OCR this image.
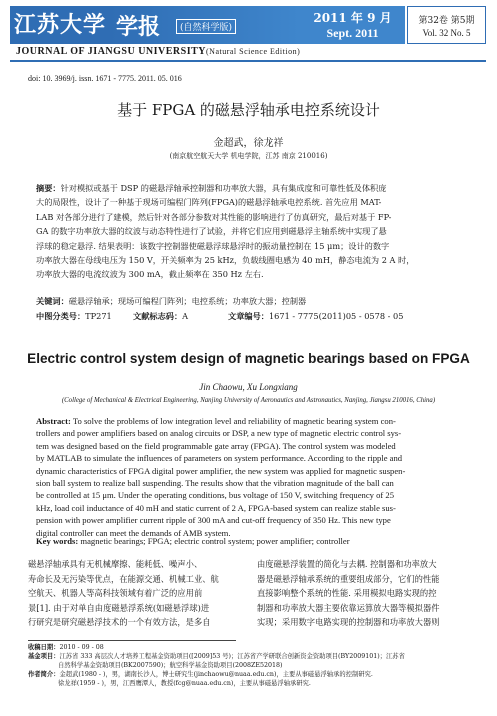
江苏大学 学报	(自然科学版)
2011 年 9 月
Sept. 2011
第32卷 第5期
Vol. 32 No. 5
JOURNAL OF JIANGSU UNIVERSITY(Natural Science Edition)
doi: 10. 3969/j. issn. 1671 - 7775. 2011. 05. 016
基于 FPGA 的磁悬浮轴承电控系统设计
金超武，徐龙祥
(南京航空航天大学 机电学院，江苏 南京 210016)
摘要：针对模拟或基于 DSP 的磁悬浮轴承控制器和功率放大器，具有集成度和可靠性低及体积庞
大的局限性，设计了一种基于现场可编程门阵列(FPGA)的磁悬浮轴承电控系统. 首先应用 MAT-
LAB 对各部分进行了建模，然后针对各部分参数对其性能的影响进行了仿真研究，最后对基于 FP-
GA 的数字功率放大器的纹波与动态特性进行了试验，并将它们应用到磁悬浮主轴系统中实现了悬
浮球的稳定悬浮. 结果表明：该数字控制器使磁悬浮球悬浮时的振动量控制在 15 μm；设计的数字
功率放大器在母线电压为 150 V，开关频率为 25 kHz，负载线圈电感为 40 mH，静态电流为 2 A 时，
功率放大器的电流纹波为 300 mA，截止频率在 350 Hz 左右.
关键词：磁悬浮轴承；现场可编程门阵列；电控系统；功率放大器；控制器
中图分类号：TP271	文献标志码：A	文章编号：1671 - 7775(2011)05 - 0578 - 05
Electric control system design of magnetic bearings based on FPGA
Jin Chaowu, Xu Longxiang
(College of Mechanical & Electrical Engineering, Nanjing University of Aeronautics and Astronautics, Nanjing, Jiangsu 210016, China)
Abstract: To solve the problems of low integration level and reliability of magnetic bearing system con-
trollers and power amplifiers based on analog circuits or DSP, a new type of magnetic electric control sys-
tem was designed based on the field programmable gate array (FPGA). The control system was modeled
by MATLAB to simulate the influences of parameters on system performance. According to the ripple and
dynamic characteristics of FPGA digital power amplifier, the new system was applied for magnetic suspen-
sion ball system to realize ball suspending. The results show that the vibration magnitude of the ball can
be controlled at 15 μm. Under the operating conditions, bus voltage of 150 V, switching frequency of 25
kHz, load coil inductance of 40 mH and static current of 2 A, FPGA-based system can realize stable sus-
pension with power amplifier current ripple of 300 mA and cut-off frequency of 350 Hz. This new type
digital controller can meet the demands of AMB system.
Key words: magnetic bearings; FPGA; electric control system; power amplifier; controller
磁悬浮轴承具有无机械摩擦、能耗低、噪声小、
寿命长及无污染等优点，在能源交通、机械工业、航
空航天、机器人等高科技领域有着广泛的应用前
景[1]. 由于对单自由度磁悬浮系统(如磁悬浮球)进
行研究是研究磁悬浮技术的一个有效方法，是多自
由度磁悬浮装置的简化与去耦. 控制器和功率放大
器是磁悬浮轴承系统的重要组成部分，它们的性能
直接影响整个系统的性能. 采用模拟电路实现的控
制器和功率放大器主要依靠运算放大器等模拟器件
实现；采用数字电路实现的控制器和功率放大器则
收稿日期：2010 - 09 - 08
基金项目：江苏省 333 高层次人才培养工程基金资助项目([2009]53 号)；江苏省产学研联合创新资金资助项目(BY2009101)；江苏省
自然科学基金资助项目(BK2007590)；航空科学基金资助项目(2008ZE52018)
作者简介：金超武(1980 - )，男，湖南长沙人，博士研究生(jinchaowu@nuaa.edu.cn)，主要从事磁悬浮轴承的控制研究.
徐龙祥(1959 - )，男，江西鹰潭人，教授(fcg@nuaa.edu.cn)，主要从事磁悬浮轴承研究.
